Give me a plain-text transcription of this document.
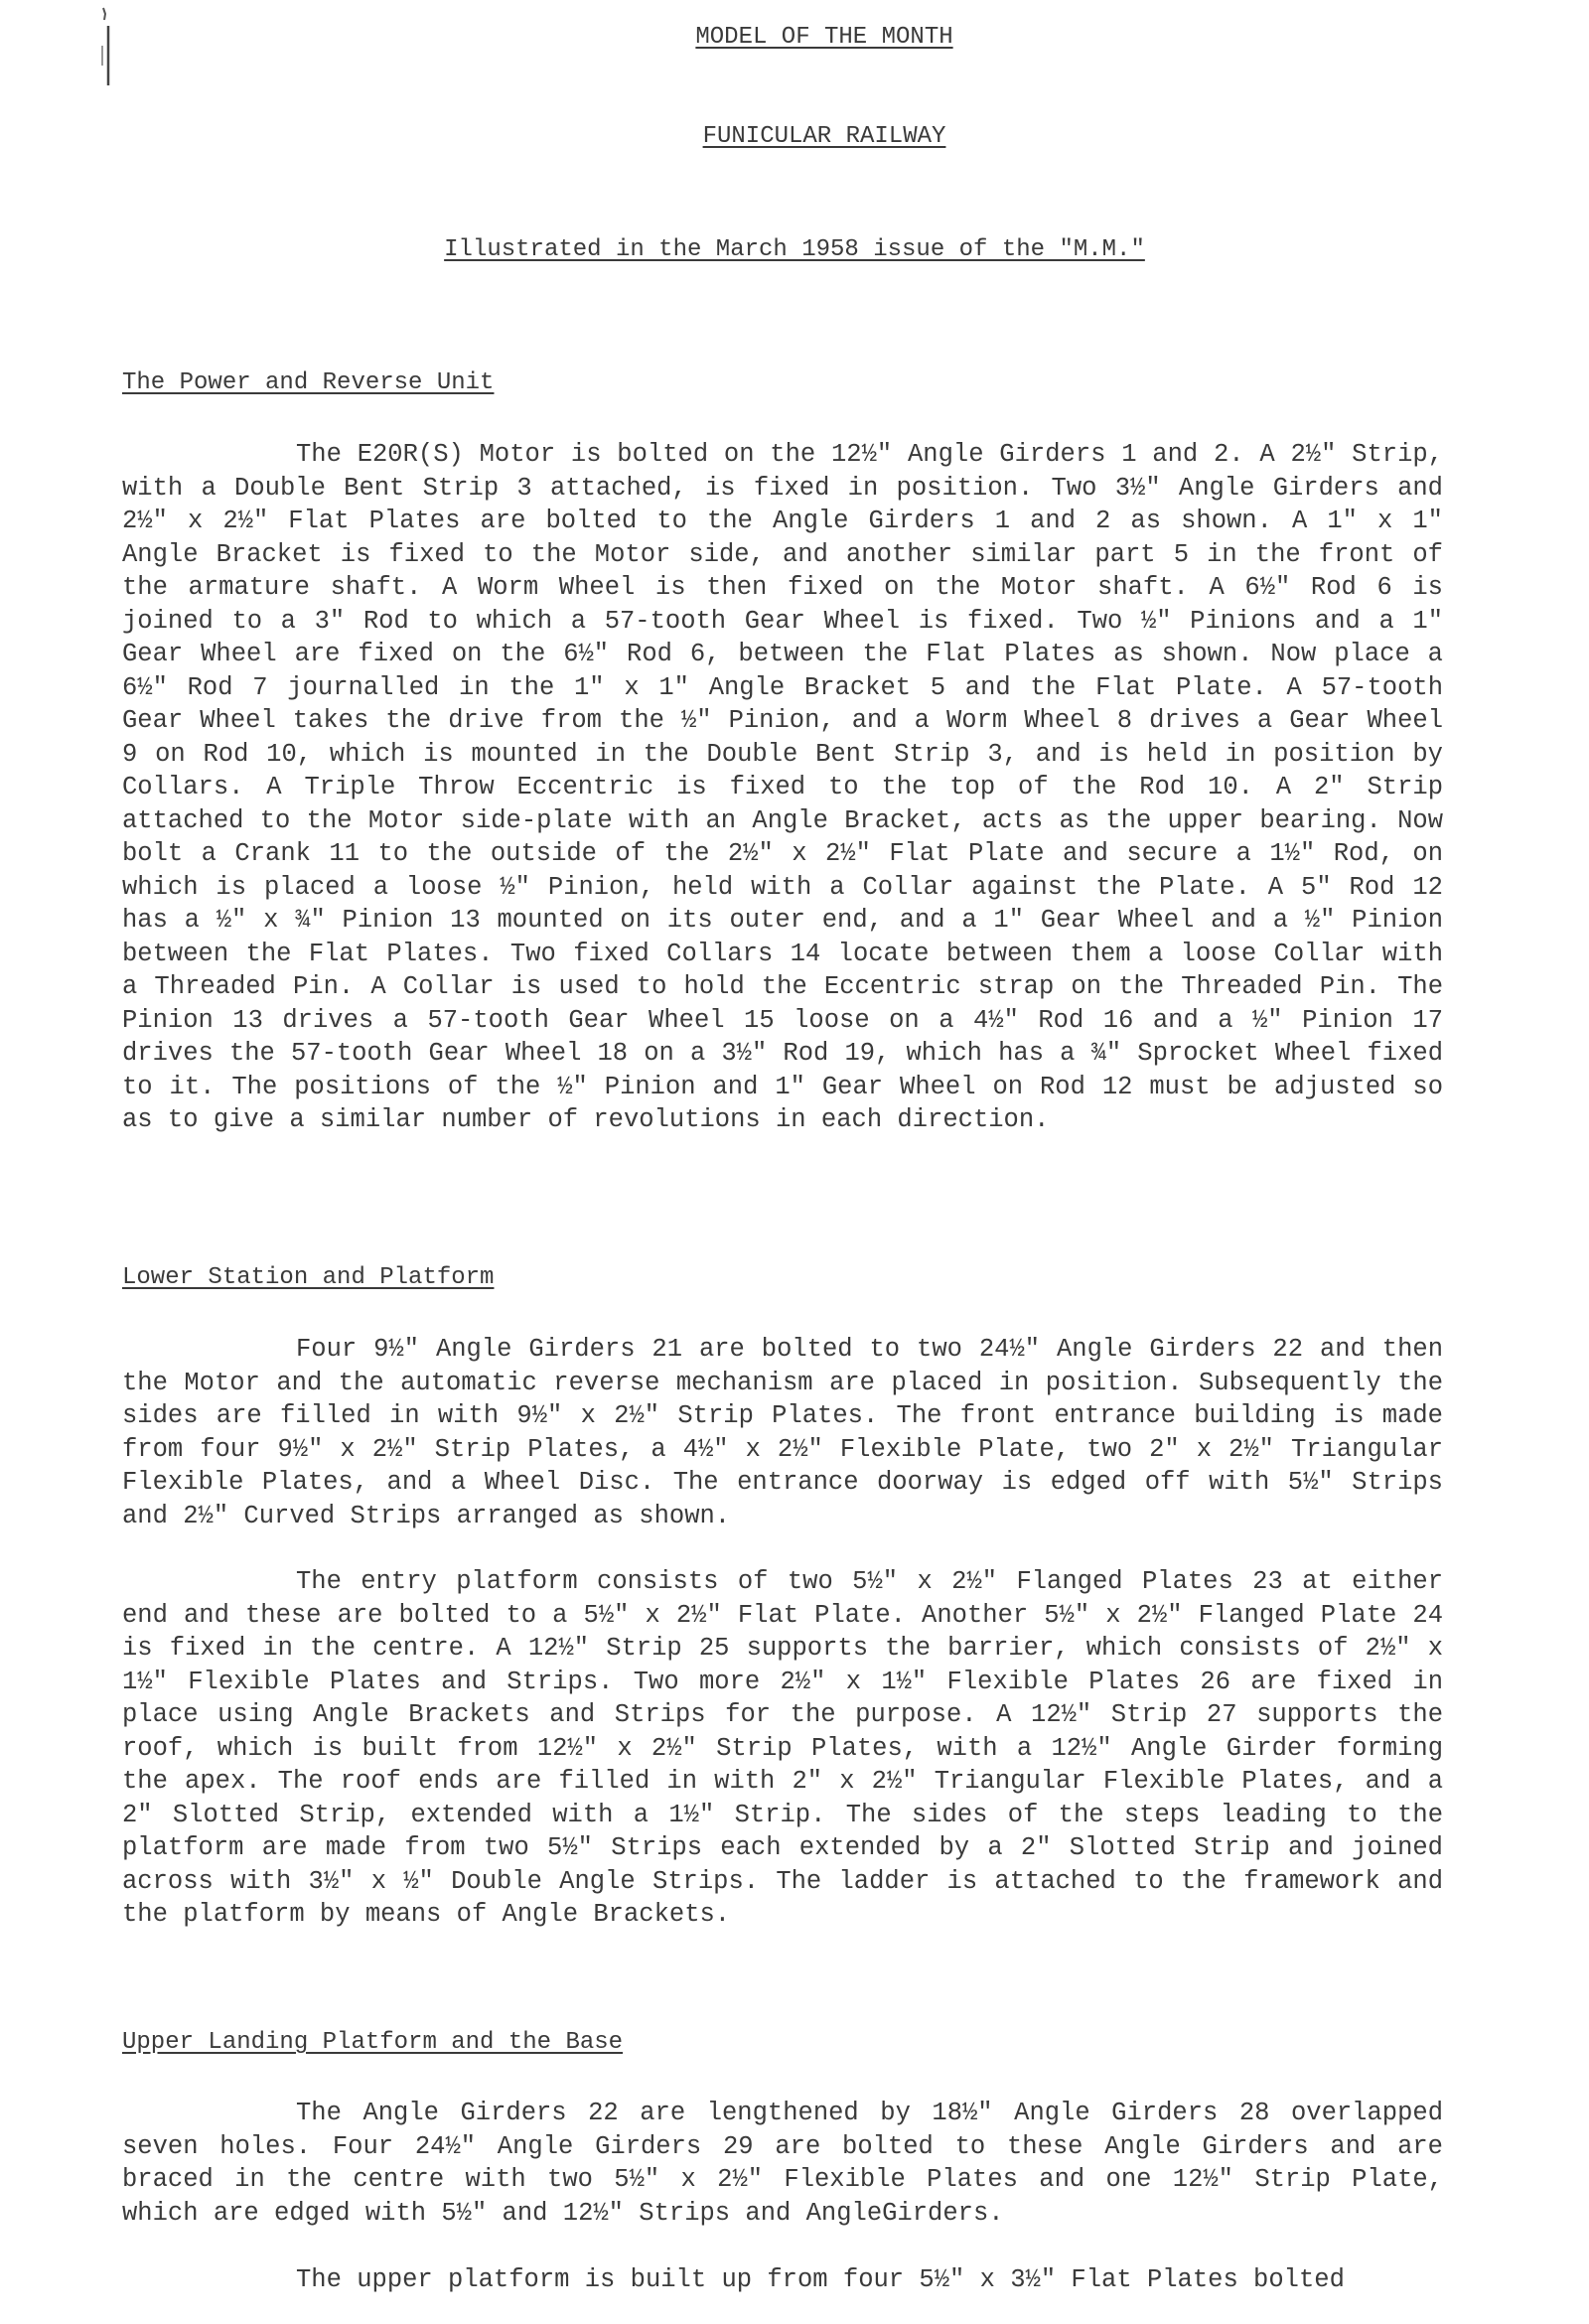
MODEL OF THE MONTH
FUNICULAR RAILWAY
Illustrated in the March 1958 issue of the "M.M."
The Power and Reverse Unit
The E20R(S) Motor is bolted on the 12½" Angle Girders 1 and 2. A 2½" Strip, with a Double Bent Strip 3 attached, is fixed in position. Two 3½" Angle Girders and 2½" x 2½" Flat Plates are bolted to the Angle Girders 1 and 2 as shown. A 1" x 1" Angle Bracket is fixed to the Motor side, and another similar part 5 in the front of the armature shaft. A Worm Wheel is then fixed on the Motor shaft. A 6½" Rod 6 is joined to a 3" Rod to which a 57-tooth Gear Wheel is fixed. Two ½" Pinions and a 1" Gear Wheel are fixed on the 6½" Rod 6, between the Flat Plates as shown. Now place a 6½" Rod 7 journalled in the 1" x 1" Angle Bracket 5 and the Flat Plate. A 57-tooth Gear Wheel takes the drive from the ½" Pinion, and a Worm Wheel 8 drives a Gear Wheel 9 on Rod 10, which is mounted in the Double Bent Strip 3, and is held in position by Collars. A Triple Throw Eccentric is fixed to the top of the Rod 10. A 2" Strip attached to the Motor side-plate with an Angle Bracket, acts as the upper bearing. Now bolt a Crank 11 to the outside of the 2½" x 2½" Flat Plate and secure a 1½" Rod, on which is placed a loose ½" Pinion, held with a Collar against the Plate. A 5" Rod 12 has a ½" x ¾" Pinion 13 mounted on its outer end, and a 1" Gear Wheel and a ½" Pinion between the Flat Plates. Two fixed Collars 14 locate between them a loose Collar with a Threaded Pin. A Collar is used to hold the Eccentric strap on the Threaded Pin. The Pinion 13 drives a 57-tooth Gear Wheel 15 loose on a 4½" Rod 16 and a ½" Pinion 17 drives the 57-tooth Gear Wheel 18 on a 3½" Rod 19, which has a ¾" Sprocket Wheel fixed to it. The positions of the ½" Pinion and 1" Gear Wheel on Rod 12 must be adjusted so as to give a similar number of revolutions in each direction.
Lower Station and Platform
Four 9½" Angle Girders 21 are bolted to two 24½" Angle Girders 22 and then the Motor and the automatic reverse mechanism are placed in position. Subsequently the sides are filled in with 9½" x 2½" Strip Plates. The front entrance building is made from four 9½" x 2½" Strip Plates, a 4½" x 2½" Flexible Plate, two 2" x 2½" Triangular Flexible Plates, and a Wheel Disc. The entrance doorway is edged off with 5½" Strips and 2½" Curved Strips arranged as shown.
The entry platform consists of two 5½" x 2½" Flanged Plates 23 at either end and these are bolted to a 5½" x 2½" Flat Plate. Another 5½" x 2½" Flanged Plate 24 is fixed in the centre. A 12½" Strip 25 supports the barrier, which consists of 2½" x 1½" Flexible Plates and Strips. Two more 2½" x 1½" Flexible Plates 26 are fixed in place using Angle Brackets and Strips for the purpose. A 12½" Strip 27 supports the roof, which is built from 12½" x 2½" Strip Plates, with a 12½" Angle Girder forming the apex. The roof ends are filled in with 2" x 2½" Triangular Flexible Plates, and a 2" Slotted Strip, extended with a 1½" Strip. The sides of the steps leading to the platform are made from two 5½" Strips each extended by a 2" Slotted Strip and joined across with 3½" x ½" Double Angle Strips. The ladder is attached to the framework and the platform by means of Angle Brackets.
Upper Landing Platform and the Base
The Angle Girders 22 are lengthened by 18½" Angle Girders 28 overlapped seven holes. Four 24½" Angle Girders 29 are bolted to these Angle Girders and are braced in the centre with two 5½" x 2½" Flexible Plates and one 12½" Strip Plate, which are edged with 5½" and 12½" Strips and AngleGirders.
The upper platform is built up from four 5½" x 3½" Flat Plates bolted
